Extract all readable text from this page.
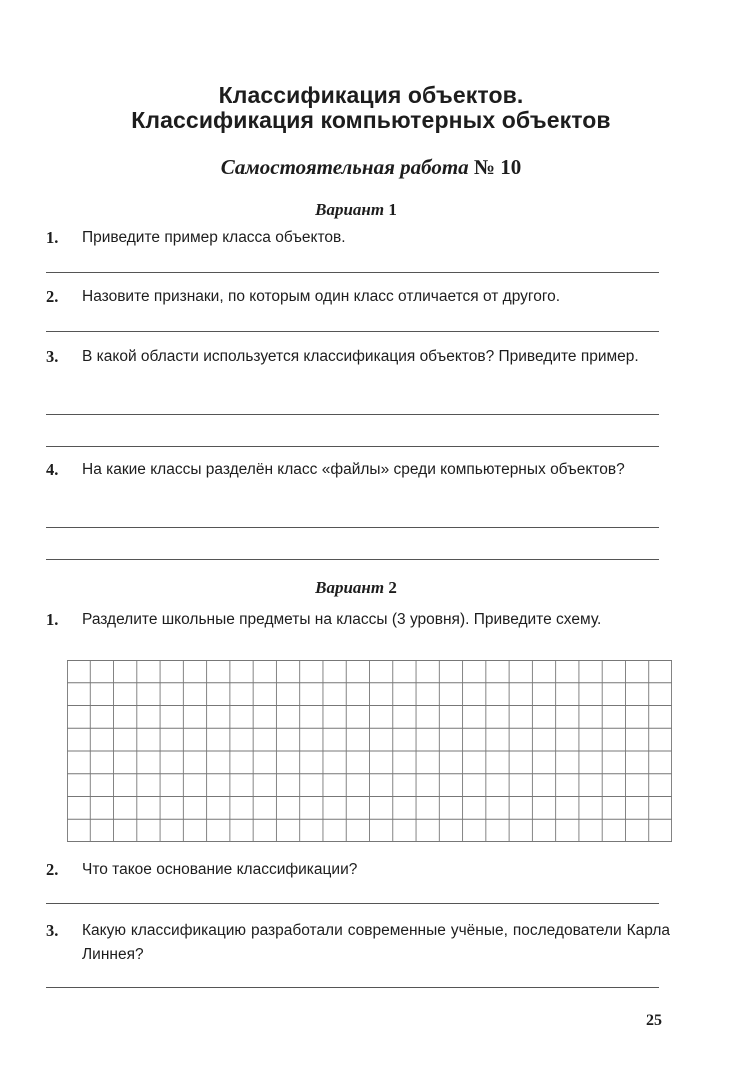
Классификация объектов.
Классификация компьютерных объектов
Самостоятельная работа № 10
Вариант 1
1. Приведите пример класса объектов.
2. Назовите признаки, по которым один класс отличается от другого.
3. В какой области используется классификация объектов? Приведите пример.
4. На какие классы разделён класс «файлы» среди компьютерных объектов?
Вариант 2
1. Разделите школьные предметы на классы (3 уровня). Приведите схему.
2. Что такое основание классификации?
3. Какую классификацию разработали современные учёные, последователи Карла Линнея?
25
